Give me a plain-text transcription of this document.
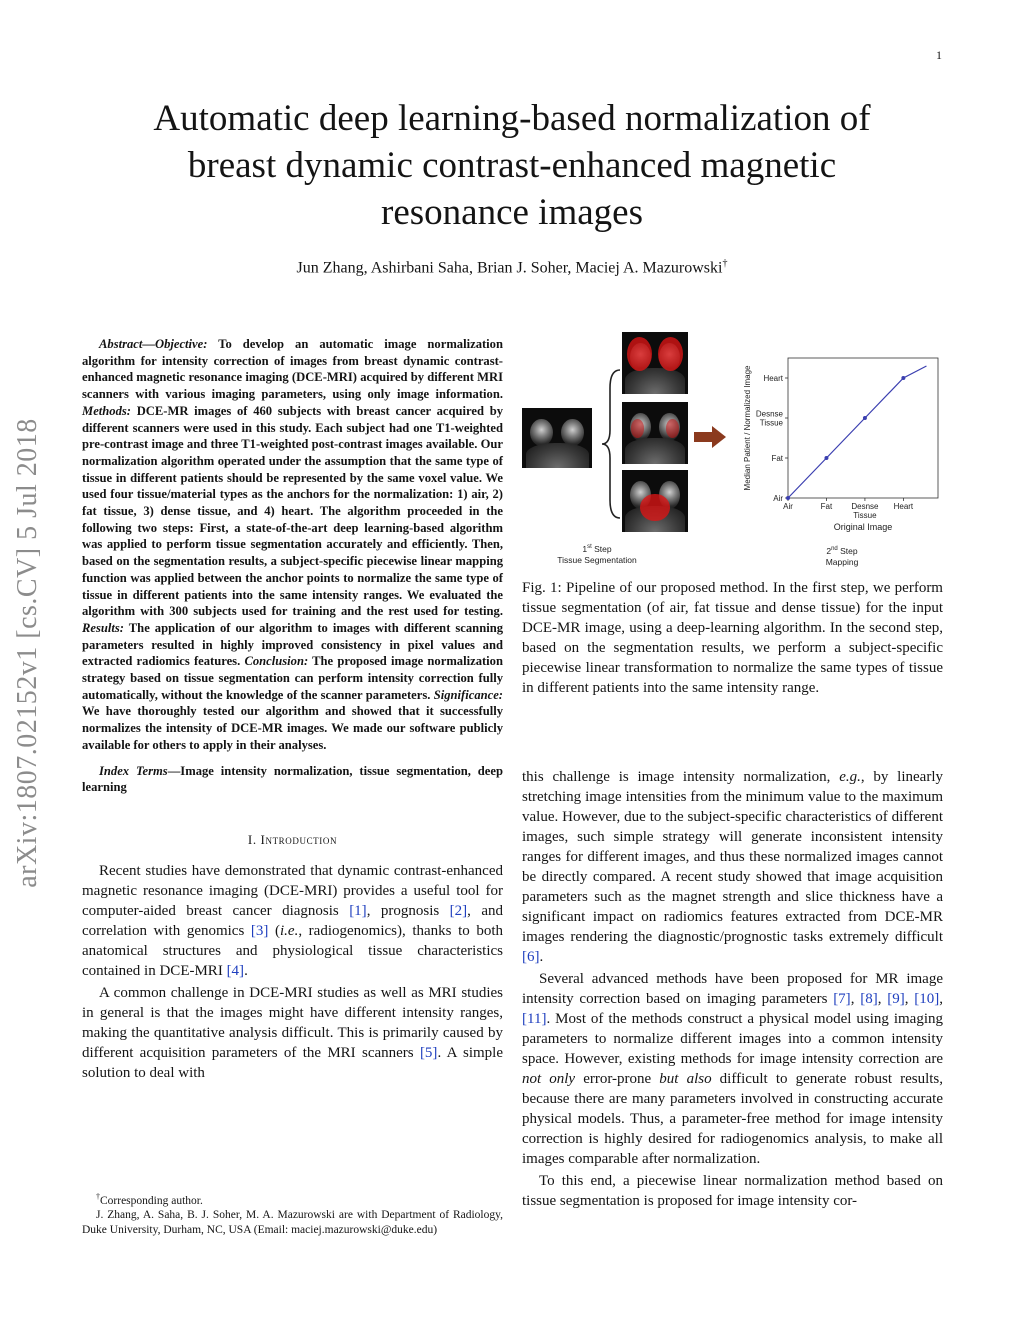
1
arXiv:1807.02152v1 [cs.CV] 5 Jul 2018
Automatic deep learning-based normalization of
breast dynamic contrast-enhanced magnetic
resonance images
Jun Zhang, Ashirbani Saha, Brian J. Soher, Maciej A. Mazurowski†
Abstract—Objective: To develop an automatic image normalization algorithm for intensity correction of images from breast dynamic contrast-enhanced magnetic resonance imaging (DCE-MRI) acquired by different MRI scanners with various imaging parameters, using only image information. Methods: DCE-MR images of 460 subjects with breast cancer acquired by different scanners were used in this study. Each subject had one T1-weighted pre-contrast image and three T1-weighted post-contrast images available. Our normalization algorithm operated under the assumption that the same type of tissue in different patients should be represented by the same voxel value. We used four tissue/material types as the anchors for the normalization: 1) air, 2) fat tissue, 3) dense tissue, and 4) heart. The algorithm proceeded in the following two steps: First, a state-of-the-art deep learning-based algorithm was applied to perform tissue segmentation accurately and efficiently. Then, based on the segmentation results, a subject-specific piecewise linear mapping function was applied between the anchor points to normalize the same type of tissue in different patients into the same intensity ranges. We evaluated the algorithm with 300 subjects used for training and the rest used for testing. Results: The application of our algorithm to images with different scanning parameters resulted in highly improved consistency in pixel values and extracted radiomics features. Conclusion: The proposed image normalization strategy based on tissue segmentation can perform intensity correction fully automatically, without the knowledge of the scanner parameters. Significance: We have thoroughly tested our algorithm and showed that it successfully normalizes the intensity of DCE-MR images. We made our software publicly available for others to apply in their analyses.
Index Terms—Image intensity normalization, tissue segmentation, deep learning
I. Introduction

Recent studies have demonstrated that dynamic contrast-enhanced magnetic resonance imaging (DCE-MRI) provides a useful tool for computer-aided breast cancer diagnosis [1], prognosis [2], and correlation with genomics [3] (i.e., radiogenomics), thanks to both anatomical structures and physiological tissue characteristics contained in DCE-MRI [4].

A common challenge in DCE-MRI studies as well as MRI studies in general is that the images might have different intensity ranges, making the quantitative analysis difficult. This is primarily caused by different acquisition parameters of the MRI scanners [5]. A simple solution to deal with

†Corresponding author.

J. Zhang, A. Saha, B. J. Soher, M. A. Mazurowski are with Department of Radiology, Duke University, Durham, NC, USA (Email: maciej.mazurowski@duke.edu)

1st Step
Tissue Segmentation
2nd Step
Mapping
Air	Fat Desnse Tissue
Heart
Air
Fat
Desnse Tissue
Heart
Original Image
Median Patient / Normalized Image
Fig. 1: Pipeline of our proposed method. In the first step, we perform tissue segmentation (of air, fat tissue and dense tissue) for the input DCE-MR image, using a deep-learning algorithm. In the second step, based on the segmentation results, we perform a subject-specific piecewise linear transformation to normalize the same types of tissue in different patients into the same intensity range.

this challenge is image intensity normalization, e.g., by linearly stretching image intensities from the minimum value to the maximum value. However, due to the subject-specific characteristics of different images, such simple strategy will generate inconsistent intensity ranges for different images, and thus these normalized images cannot be directly compared. A recent study showed that image acquisition parameters such as the magnet strength and slice thickness have a significant impact on radiomics features extracted from DCE-MR images rendering the diagnostic/prognostic tasks extremely difficult [6].

Several advanced methods have been proposed for MR image intensity correction based on imaging parameters [7], [8], [9], [10], [11]. Most of the methods construct a physical model using imaging parameters to normalize different images into a common intensity space. However, existing methods for image intensity correction are not only error-prone but also difficult to generate robust results, because there are many parameters involved in constructing accurate physical models. Thus, a parameter-free method for image intensity correction is highly desired for radiogenomics analysis, to make all images comparable after normalization.

To this end, a piecewise linear normalization method based on tissue segmentation is proposed for image intensity cor-
